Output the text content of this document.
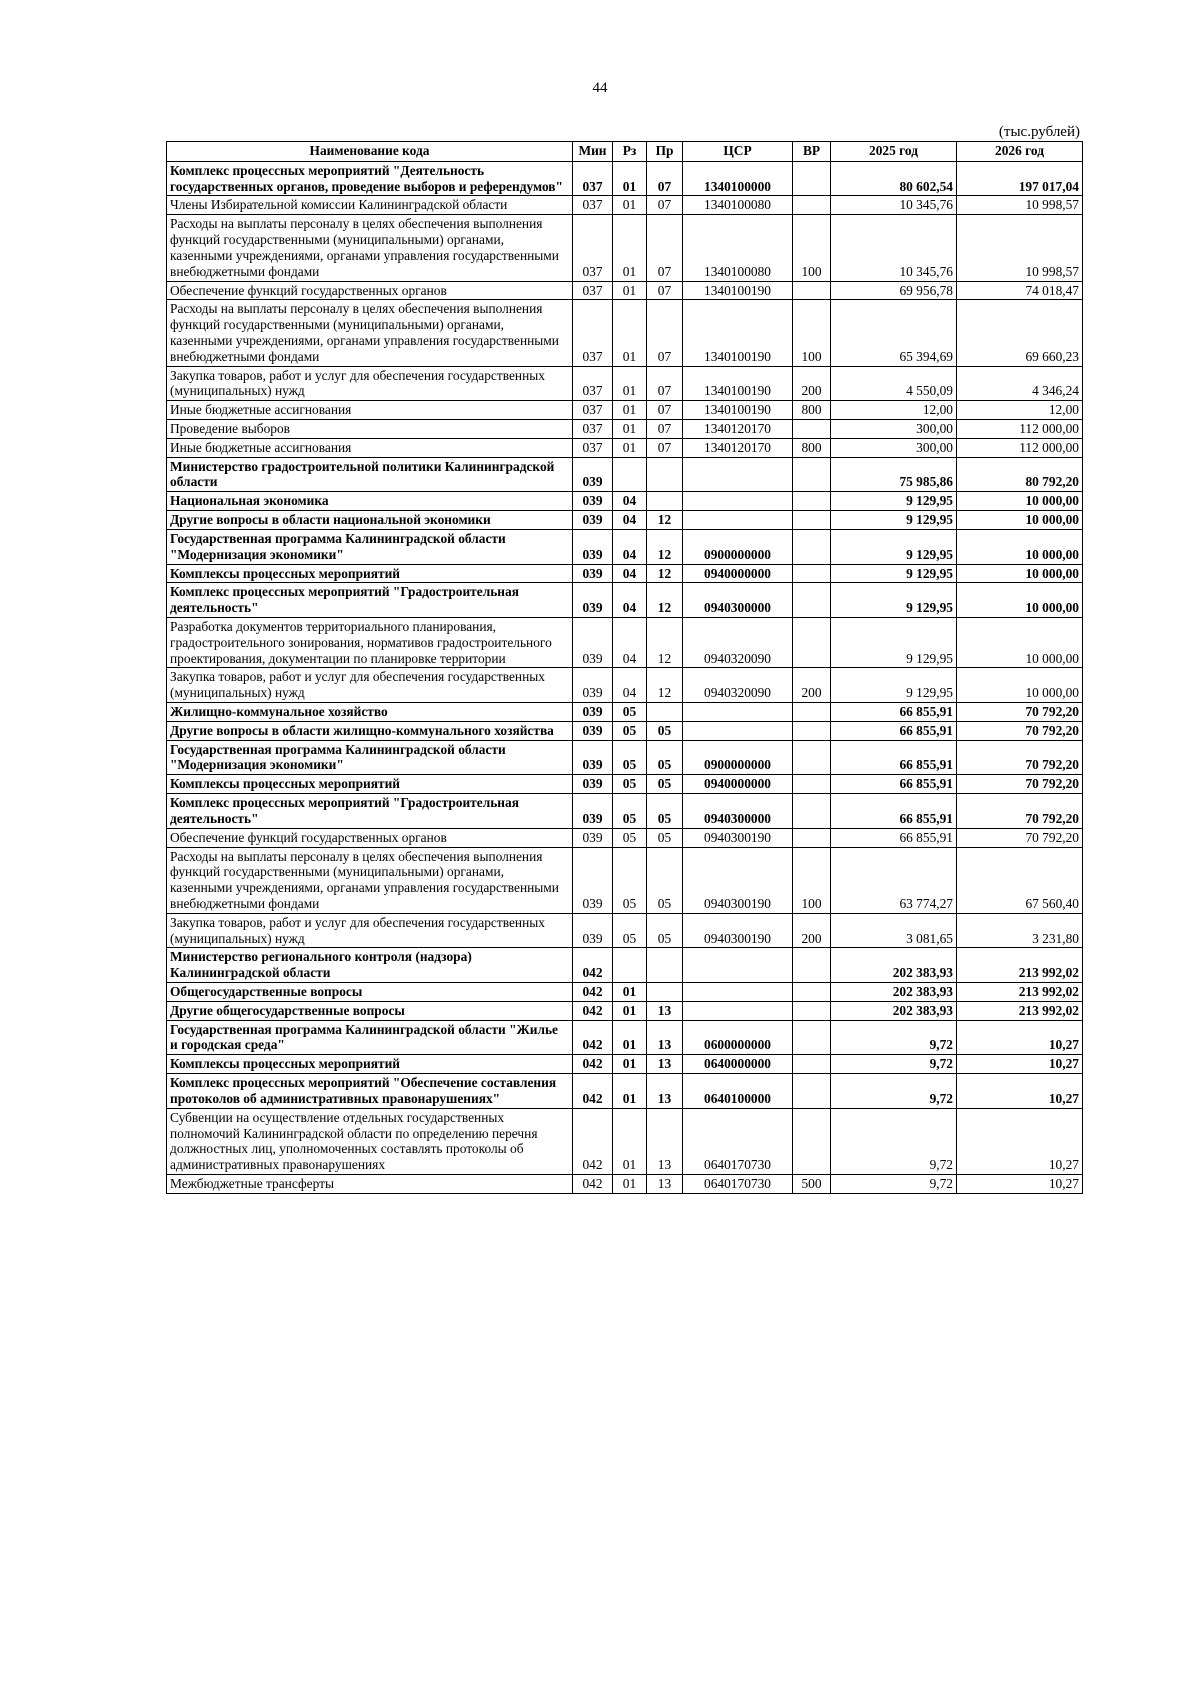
44
(тыс.рублей)
Наименование кода	Мин	Рз	Пр	ЦСР	ВР	2025 год	2026 год
Комплекс процессных мероприятий "Деятельность государственных органов, проведение выборов и референдумов"	037	01	07	1340100000		80 602,54	197 017,04
Члены Избирательной комиссии Калининградской области	037	01	07	1340100080		10 345,76	10 998,57
Расходы на выплаты персоналу в целях обеспечения выполнения функций государственными (муниципальными) органами, казенными учреждениями, органами управления государственными внебюджетными фондами	037	01	07	1340100080	100	10 345,76	10 998,57
Обеспечение функций государственных органов	037	01	07	1340100190		69 956,78	74 018,47
Расходы на выплаты персоналу в целях обеспечения выполнения функций государственными (муниципальными) органами, казенными учреждениями, органами управления государственными внебюджетными фондами	037	01	07	1340100190	100	65 394,69	69 660,23
Закупка товаров, работ и услуг для обеспечения государственных (муниципальных) нужд	037	01	07	1340100190	200	4 550,09	4 346,24
Иные бюджетные ассигнования	037	01	07	1340100190	800	12,00	12,00
Проведение выборов	037	01	07	1340120170		300,00	112 000,00
Иные бюджетные ассигнования	037	01	07	1340120170	800	300,00	112 000,00
Министерство градостроительной политики Калининградской области	039					75 985,86	80 792,20
Национальная экономика	039	04				9 129,95	10 000,00
Другие вопросы в области национальной экономики	039	04	12			9 129,95	10 000,00
Государственная программа Калининградской области "Модернизация экономики"	039	04	12	0900000000		9 129,95	10 000,00
Комплексы процессных мероприятий	039	04	12	0940000000		9 129,95	10 000,00
Комплекс процессных мероприятий "Градостроительная деятельность"	039	04	12	0940300000		9 129,95	10 000,00
Разработка документов территориального планирования, градостроительного зонирования, нормативов градостроительного проектирования, документации по планировке территории	039	04	12	0940320090		9 129,95	10 000,00
Закупка товаров, работ и услуг для обеспечения государственных (муниципальных) нужд	039	04	12	0940320090	200	9 129,95	10 000,00
Жилищно-коммунальное хозяйство	039	05				66 855,91	70 792,20
Другие вопросы в области жилищно-коммунального хозяйства	039	05	05			66 855,91	70 792,20
Государственная программа Калининградской области "Модернизация экономики"	039	05	05	0900000000		66 855,91	70 792,20
Комплексы процессных мероприятий	039	05	05	0940000000		66 855,91	70 792,20
Комплекс процессных мероприятий "Градостроительная деятельность"	039	05	05	0940300000		66 855,91	70 792,20
Обеспечение функций государственных органов	039	05	05	0940300190		66 855,91	70 792,20
Расходы на выплаты персоналу в целях обеспечения выполнения функций государственными (муниципальными) органами, казенными учреждениями, органами управления государственными внебюджетными фондами	039	05	05	0940300190	100	63 774,27	67 560,40
Закупка товаров, работ и услуг для обеспечения государственных (муниципальных) нужд	039	05	05	0940300190	200	3 081,65	3 231,80
Министерство регионального контроля (надзора) Калининградской области	042					202 383,93	213 992,02
Общегосударственные вопросы	042	01				202 383,93	213 992,02
Другие общегосударственные вопросы	042	01	13			202 383,93	213 992,02
Государственная программа Калининградской области "Жилье и городская среда"	042	01	13	0600000000		9,72	10,27
Комплексы процессных мероприятий	042	01	13	0640000000		9,72	10,27
Комплекс процессных мероприятий "Обеспечение составления протоколов об административных правонарушениях"	042	01	13	0640100000		9,72	10,27
Субвенции на осуществление отдельных государственных полномочий Калининградской области по определению перечня должностных лиц, уполномоченных составлять протоколы об административных правонарушениях	042	01	13	0640170730		9,72	10,27
Межбюджетные трансферты	042	01	13	0640170730	500	9,72	10,27
